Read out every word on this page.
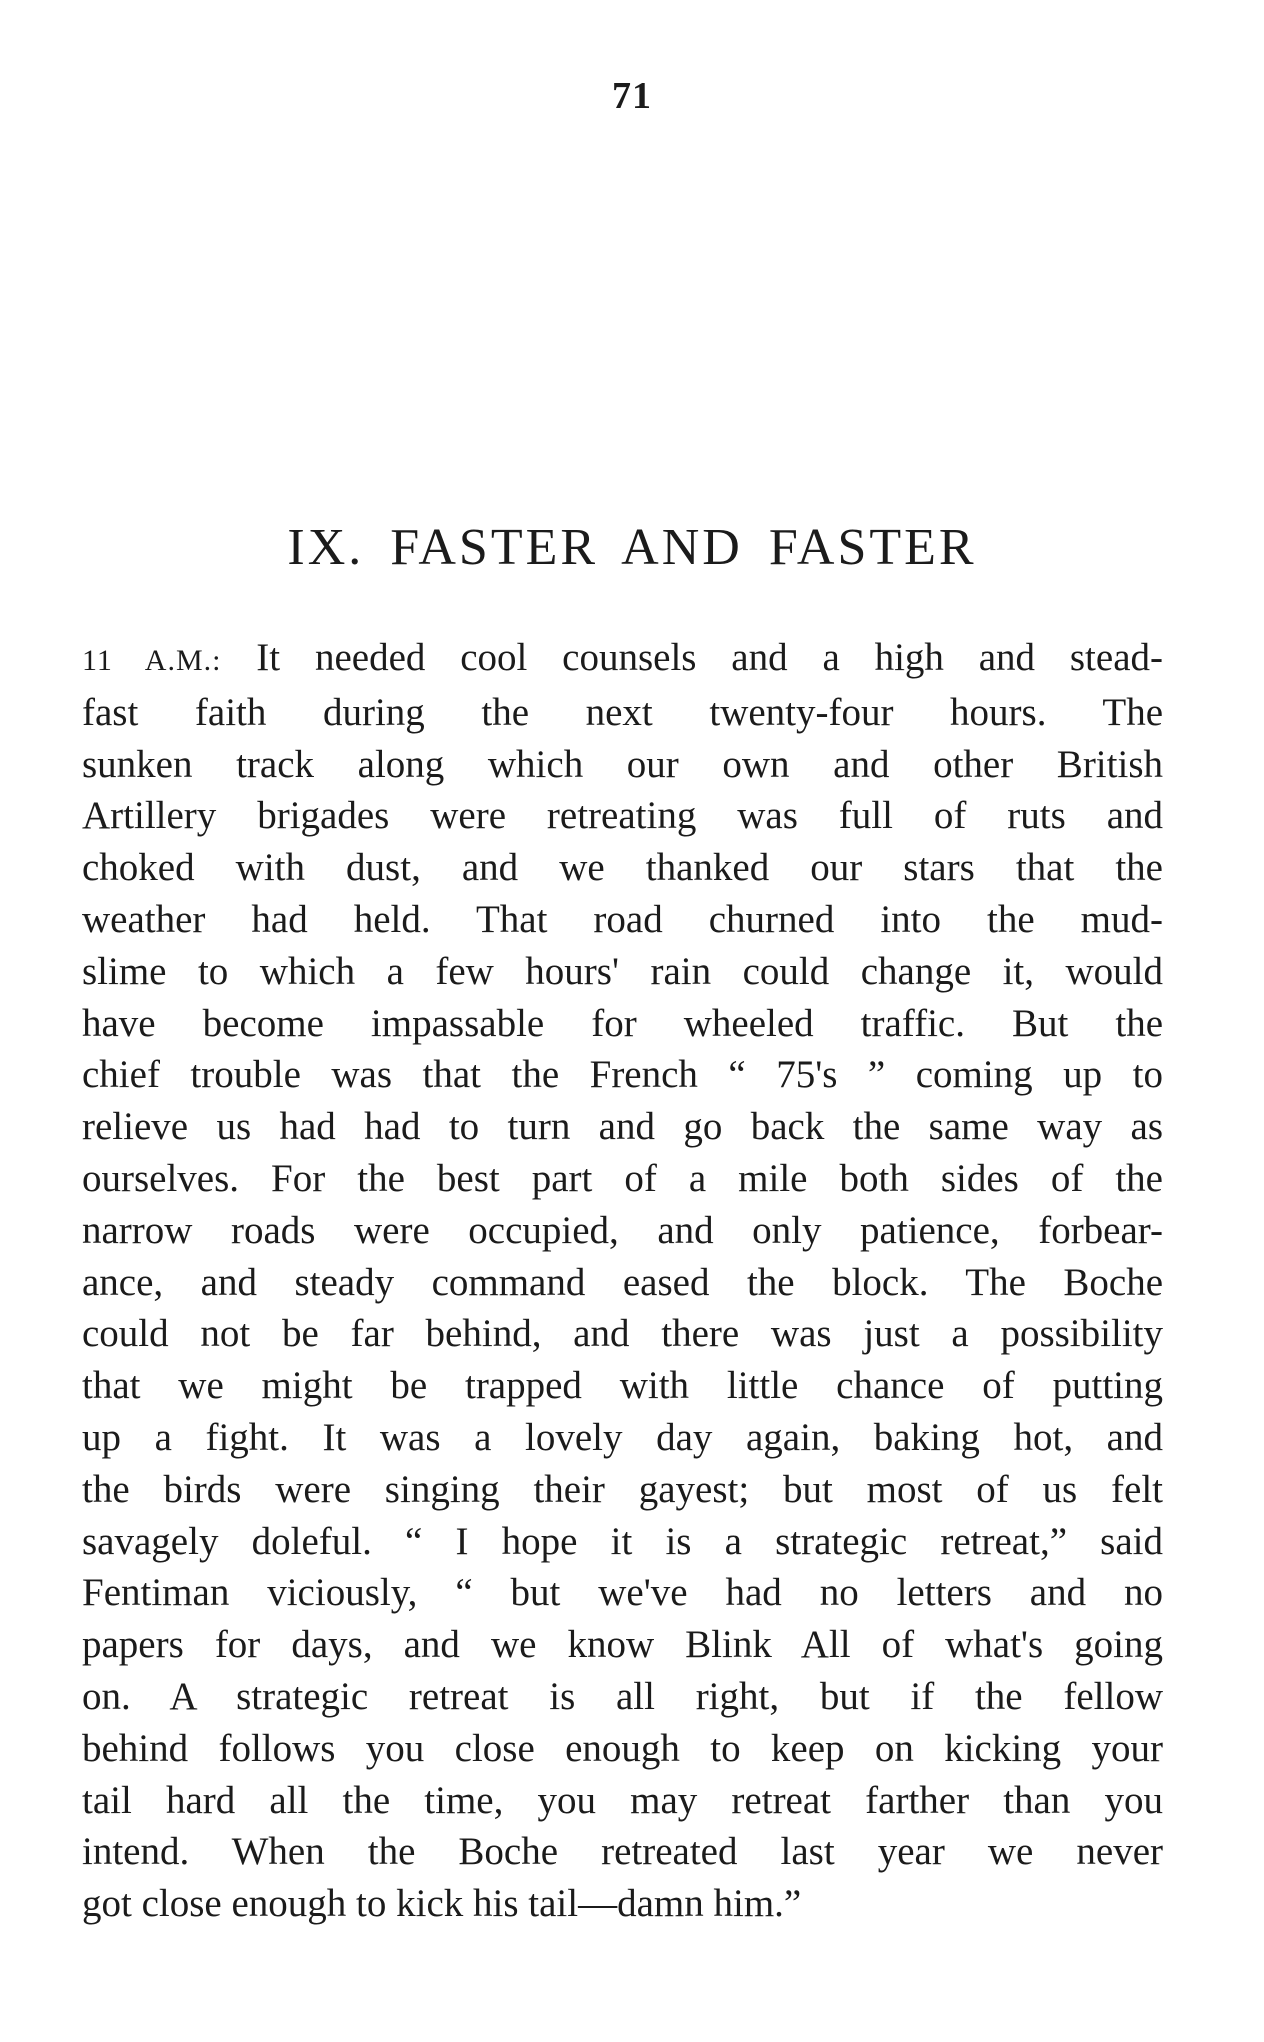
71
IX. FASTER AND FASTER
11 A.M.: It needed cool counsels and a high and stead-
fast faith during the next twenty-four hours. The
sunken track along which our own and other British
Artillery brigades were retreating was full of ruts and
choked with dust, and we thanked our stars that the
weather had held. That road churned into the mud-
slime to which a few hours' rain could change it, would
have become impassable for wheeled traffic. But the
chief trouble was that the French “ 75's ” coming up to
relieve us had had to turn and go back the same way as
ourselves. For the best part of a mile both sides of the
narrow roads were occupied, and only patience, forbear-
ance, and steady command eased the block. The Boche
could not be far behind, and there was just a possibility
that we might be trapped with little chance of putting
up a fight. It was a lovely day again, baking hot, and
the birds were singing their gayest; but most of us felt
savagely doleful. “ I hope it is a strategic retreat,” said
Fentiman viciously, “ but we've had no letters and no
papers for days, and we know Blink All of what's going
on. A strategic retreat is all right, but if the fellow
behind follows you close enough to keep on kicking your
tail hard all the time, you may retreat farther than you
intend. When the Boche retreated last year we never
got close enough to kick his tail—damn him.”
